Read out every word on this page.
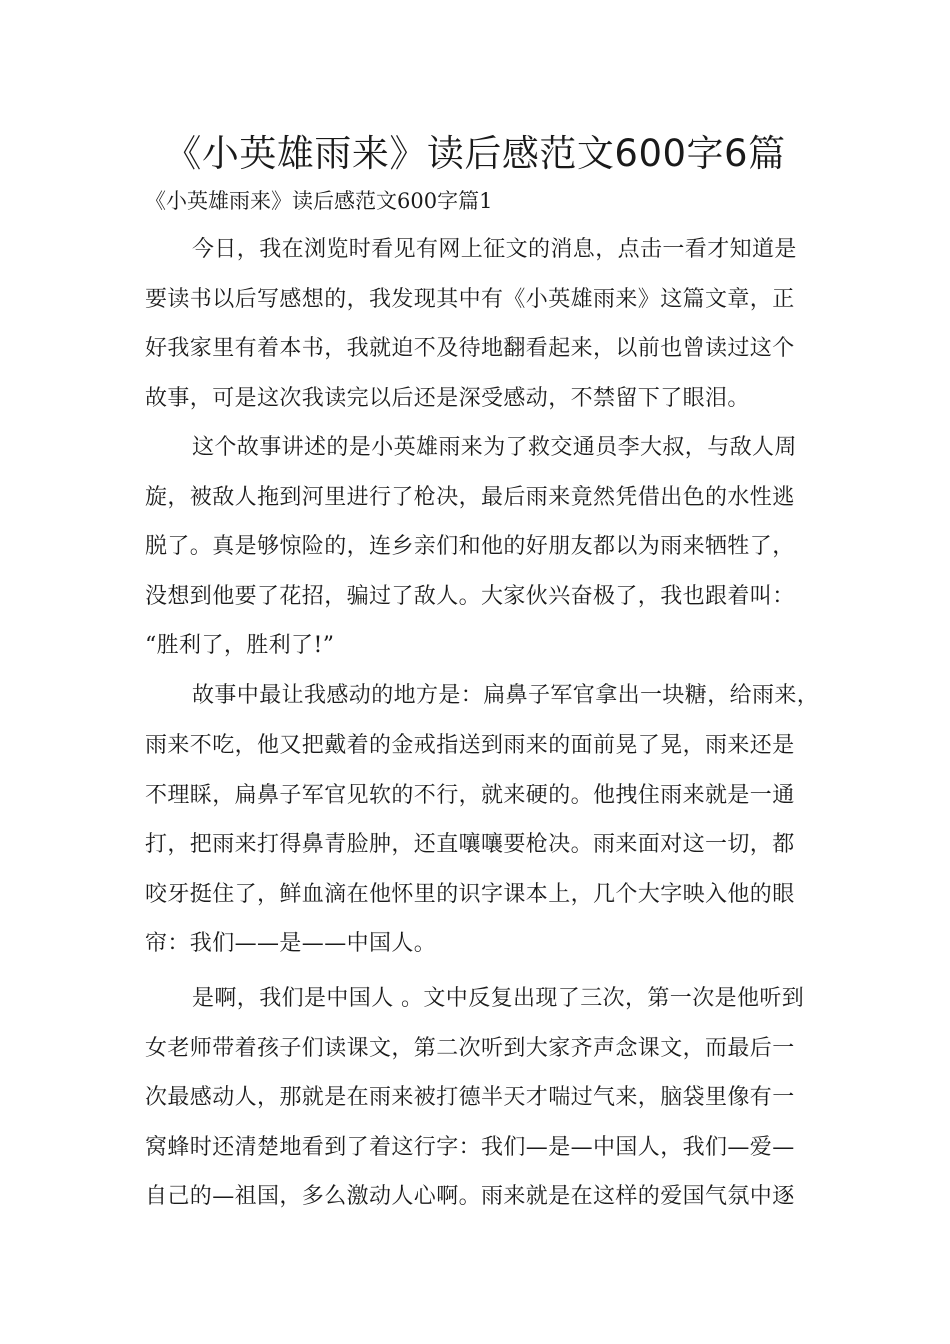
《小英雄雨来》读后感范文600字6篇
《小英雄雨来》读后感范文600字篇1
今日，我在浏览时看见有网上征文的消息，点击一看才知道是
要读书以后写感想的，我发现其中有《小英雄雨来》这篇文章，正
好我家里有着本书，我就迫不及待地翻看起来，以前也曾读过这个
故事，可是这次我读完以后还是深受感动，不禁留下了眼泪。
这个故事讲述的是小英雄雨来为了救交通员李大叔，与敌人周
旋，被敌人拖到河里进行了枪决，最后雨来竟然凭借出色的水性逃
脱了。真是够惊险的，连乡亲们和他的好朋友都以为雨来牺牲了，
没想到他要了花招，骗过了敌人。大家伙兴奋极了，我也跟着叫：
“胜利了，胜利了!”
故事中最让我感动的地方是：扁鼻子军官拿出一块糖，给雨来，
雨来不吃，他又把戴着的金戒指送到雨来的面前晃了晃，雨来还是
不理睬，扁鼻子军官见软的不行，就来硬的。他拽住雨来就是一通
打，把雨来打得鼻青脸肿，还直嚷嚷要枪决。雨来面对这一切，都
咬牙挺住了，鲜血滴在他怀里的识字课本上，几个大字映入他的眼
帘：我们——是——中国人。
是啊，我们是中国人 。文中反复出现了三次，第一次是他听到
女老师带着孩子们读课文，第二次听到大家齐声念课文，而最后一
次最感动人，那就是在雨来被打德半天才喘过气来，脑袋里像有一
窝蜂时还清楚地看到了着这行字：我们—是—中国人，我们—爱—
自己的—祖国，多么激动人心啊。雨来就是在这样的爱国气氛中逐
